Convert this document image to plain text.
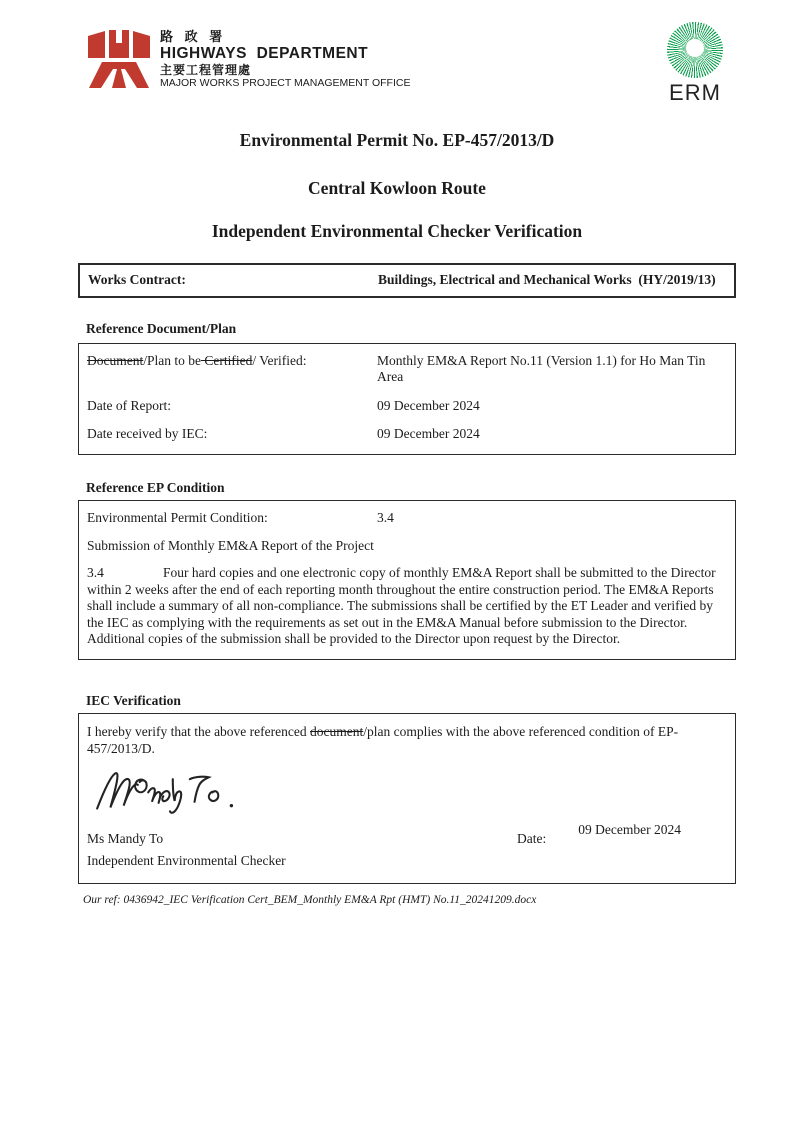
路 政 署
HIGHWAYS  DEPARTMENT
主要工程管理處
MAJOR WORKS PROJECT MANAGEMENT OFFICE	ERM
Environmental Permit No. EP-457/2013/D
Central Kowloon Route
Independent Environmental Checker Verification
Works Contract:	Buildings, Electrical and Mechanical Works  (HY/2019/13)
Reference Document/Plan
Document/Plan to be Certified/ Verified:	Monthly EM&A Report No.11 (Version 1.1) for Ho Man Tin Area
Date of Report:	09 December 2024
Date received by IEC:	09 December 2024
Reference EP Condition
Environmental Permit Condition:	3.4

Submission of Monthly EM&A Report of the Project

3.4	Four hard copies and one electronic copy of monthly EM&A Report shall be submitted to the Director within 2 weeks after the end of each reporting month throughout the entire construction period. The EM&A Reports shall include a summary of all non-compliance. The submissions shall be certified by the ET Leader and verified by the IEC as complying with the requirements as set out in the EM&A Manual before submission to the Director. Additional copies of the submission shall be provided to the Director upon request by the Director.

IEC Verification

I hereby verify that the above referenced document/plan complies with the above referenced condition of EP-457/2013/D.

Ms Mandy To	Date:
09 December 2024
Independent Environmental Checker
Our ref: 0436942_IEC Verification Cert_BEM_Monthly EM&A Rpt (HMT) No.11_20241209.docx
